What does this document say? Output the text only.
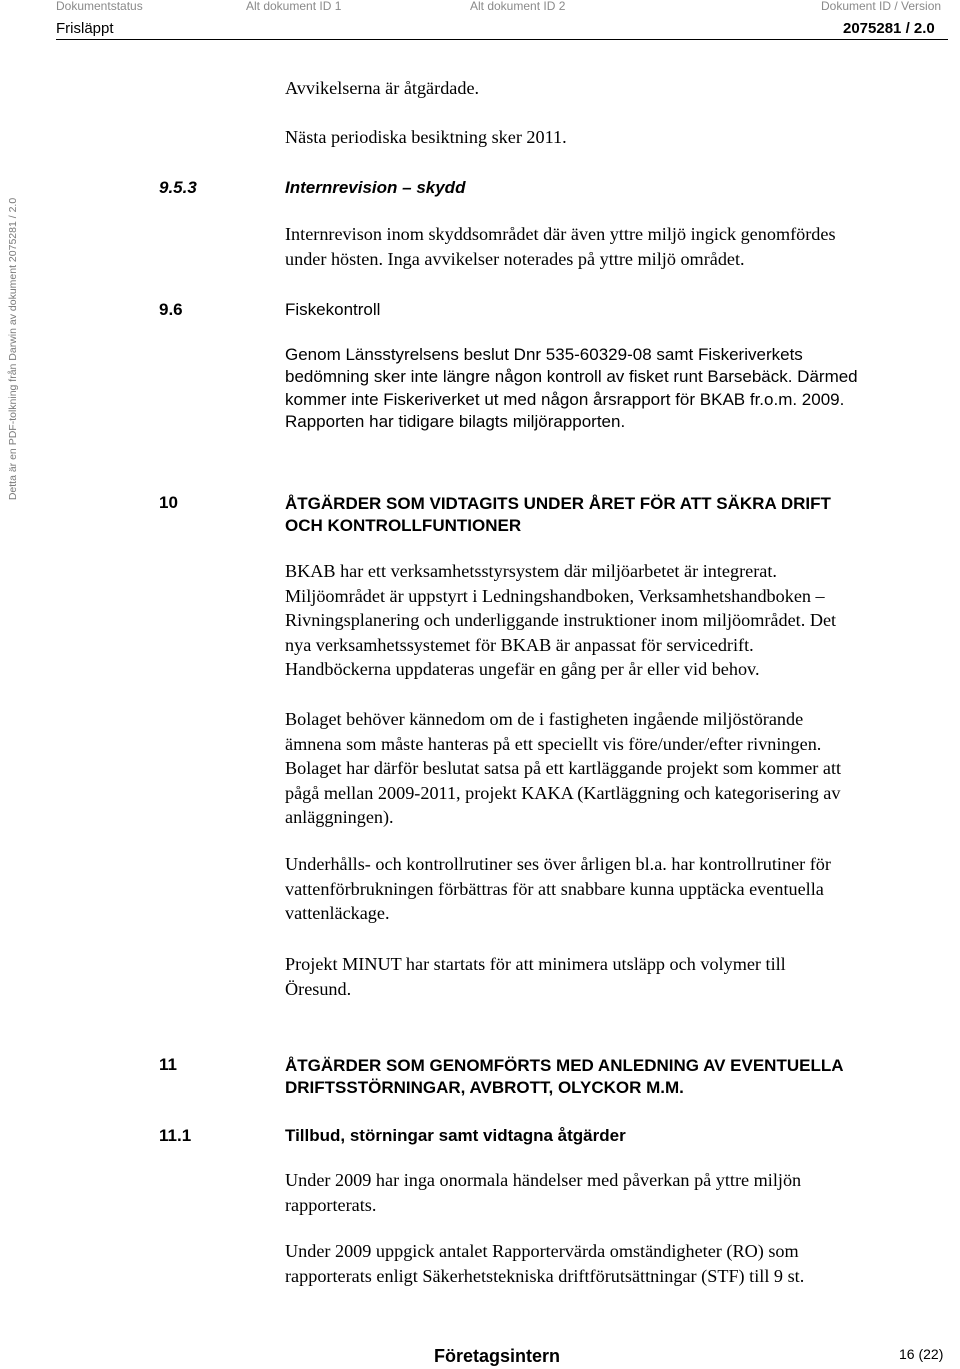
Dokumentstatus	Alt dokument ID 1	Alt dokument ID 2	Dokument ID / Version
Frisläppt	2075281 / 2.0
Detta är en PDF-tolkning från Darwin av dokument 2075281 / 2.0
Avvikelserna är åtgärdade.
Nästa periodiska besiktning sker 2011.
9.5.3	Internrevision – skydd
Internrevison inom skyddsområdet där även yttre miljö ingick genomfördes
under hösten. Inga avvikelser noterades på yttre miljö området.
9.6	Fiskekontroll
Genom Länsstyrelsens beslut Dnr 535-60329-08 samt Fiskeriverkets
bedömning sker inte längre någon kontroll av fisket runt Barsebäck. Därmed
kommer inte Fiskeriverket ut med någon årsrapport för BKAB fr.o.m. 2009.
Rapporten har tidigare bilagts miljörapporten.
10	ÅTGÄRDER SOM VIDTAGITS UNDER ÅRET FÖR ATT SÄKRA DRIFT
OCH KONTROLLFUNTIONER
BKAB har ett verksamhetsstyrsystem där miljöarbetet är integrerat.
Miljöområdet är uppstyrt i Ledningshandboken, Verksamhetshandboken –
Rivningsplanering och underliggande instruktioner inom miljöområdet. Det
nya verksamhetssystemet för BKAB är anpassat för servicedrift.
Handböckerna uppdateras ungefär en gång per år eller vid behov.
Bolaget behöver kännedom om de i fastigheten ingående miljöstörande
ämnena som måste hanteras på ett speciellt vis före/under/efter rivningen.
Bolaget har därför beslutat satsa på ett kartläggande projekt som kommer att
pågå mellan 2009-2011, projekt KAKA (Kartläggning och kategorisering av
anläggningen).
Underhålls- och kontrollrutiner ses över årligen bl.a. har kontrollrutiner för
vattenförbrukningen förbättras för att snabbare kunna upptäcka eventuella
vattenläckage.
Projekt MINUT har startats för att minimera utsläpp och volymer till
Öresund.
11	ÅTGÄRDER SOM GENOMFÖRTS MED ANLEDNING AV EVENTUELLA
DRIFTSSTÖRNINGAR, AVBROTT, OLYCKOR M.M.
11.1	Tillbud, störningar samt vidtagna åtgärder
Under 2009 har inga onormala händelser med påverkan på yttre miljön
rapporterats.
Under 2009 uppgick antalet Rapportervärda omständigheter (RO) som
rapporterats enligt Säkerhetstekniska driftförutsättningar (STF) till 9 st.
Företagsintern	16 (22)
